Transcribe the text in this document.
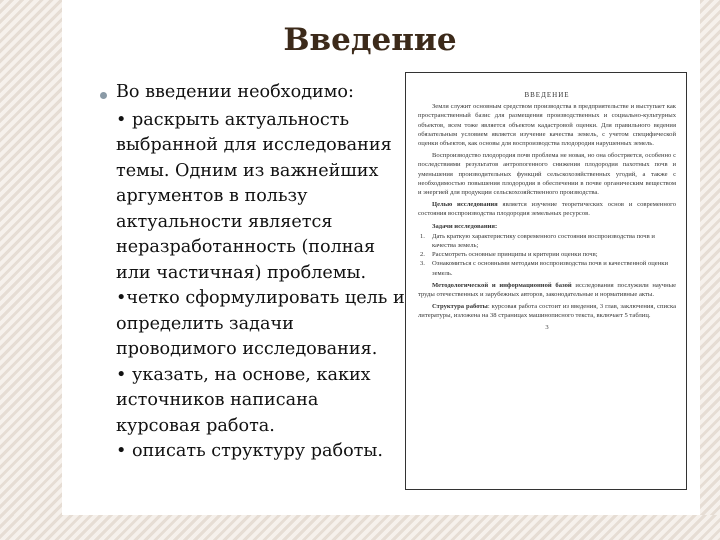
Введение

Во введении необходимо:

• раскрыть актуальность выбранной для исследования темы. Одним из важнейших аргументов в пользу актуальности является неразработанность (полная или частичная) проблемы.

•четко сформулировать цель и определить задачи проводимого исследования.

• указать, на основе, каких источников написана курсовая работа.

• описать структуру работы.

ВВЕДЕНИЕ

Земля служит основным средством производства в предприятельстве и выступает как пространственный базис для размещения производственных и социально-культурных объектов, всем тоже является объектом кадастровой оценки. Для правильного ведения обязательным условием является изучение качества земель, с учетом специфической оценки объектов, как основы для воспроизводства плодородия нарушенных земель.

Воспроизводство плодородия почв проблема не новая, но она обостряется, особенно с последствиями результатов антропогенного снижения плодородия пахотных почв и уменьшения производительных функций сельскохозяйственных угодий, а также с необходимостью повышения плодородия в обеспечении в почве органическим веществом и энергией для продукции сельскохозяйственного производства.

Целью исследования является изучение теоретических основ и современного состояния воспроизводства плодородия земельных ресурсов.

Задачи исследования:

1. Дать краткую характеристику современного состояния воспроизводства почв и качества земель;
2. Рассмотреть основные принципы и критерии оценки почв;
3. Ознакомиться с основными методами воспроизводства почв и качественной оценки земель.

Методологической и информационной базой исследования послужили научные труды отечественных и зарубежных авторов, законодательные и нормативные акты.

Структура работы: курсовая работа состоит из введения, 3 глав, заключения, списка литературы, изложена на 38 страницах машинописного текста, включает 5 таблиц.

3
